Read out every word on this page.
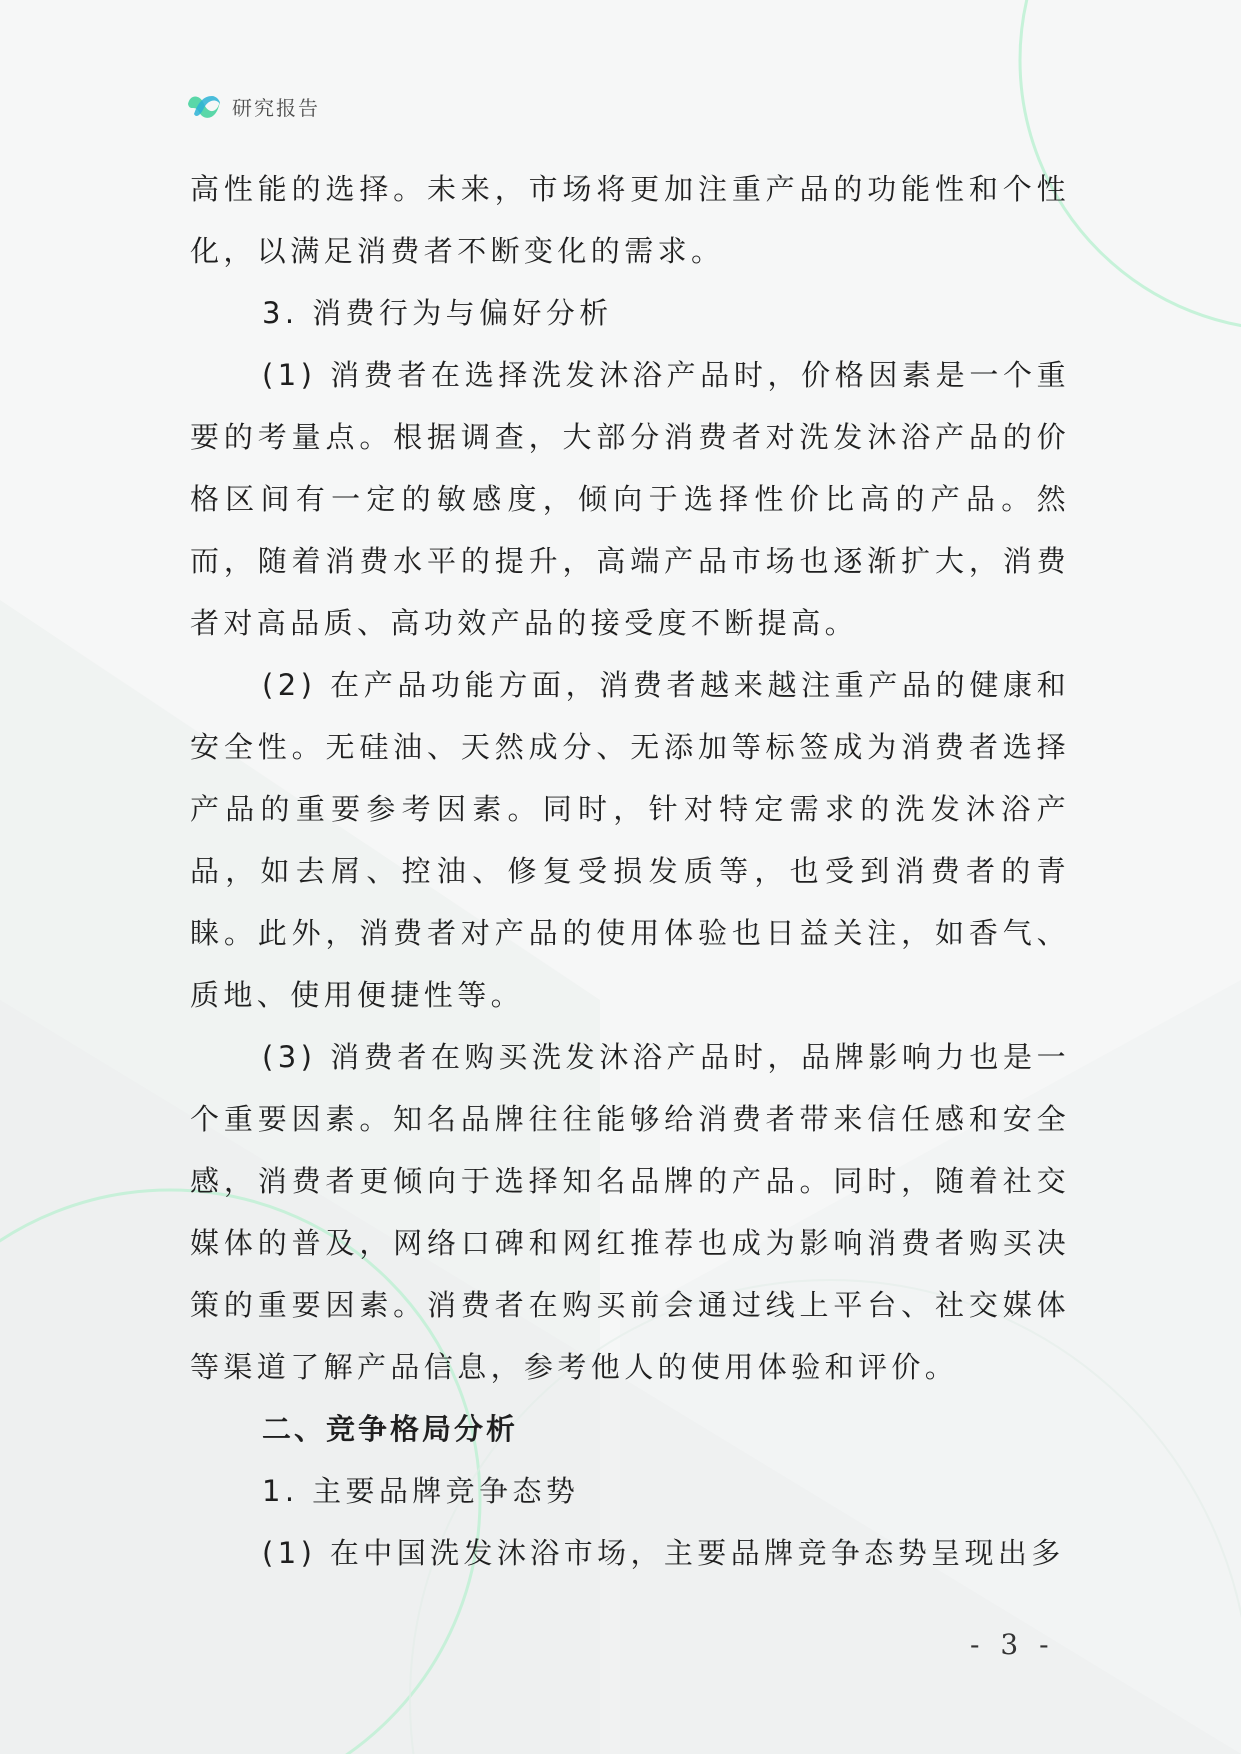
研究报告

高性能的选择。未来，市场将更加注重产品的功能性和个性化，以满足消费者不断变化的需求。

3. 消费行为与偏好分析

(1) 消费者在选择洗发沐浴产品时，价格因素是一个重要的考量点。根据调查，大部分消费者对洗发沐浴产品的价格区间有一定的敏感度，倾向于选择性价比高的产品。然而，随着消费水平的提升，高端产品市场也逐渐扩大，消费者对高品质、高功效产品的接受度不断提高。

(2) 在产品功能方面，消费者越来越注重产品的健康和安全性。无硅油、天然成分、无添加等标签成为消费者选择产品的重要参考因素。同时，针对特定需求的洗发沐浴产品，如去屑、控油、修复受损发质等，也受到消费者的青睐。此外，消费者对产品的使用体验也日益关注，如香气、质地、使用便捷性等。

(3) 消费者在购买洗发沐浴产品时，品牌影响力也是一个重要因素。知名品牌往往能够给消费者带来信任感和安全感，消费者更倾向于选择知名品牌的产品。同时，随着社交媒体的普及，网络口碑和网红推荐也成为影响消费者购买决策的重要因素。消费者在购买前会通过线上平台、社交媒体等渠道了解产品信息，参考他人的使用体验和评价。

二、竞争格局分析

1. 主要品牌竞争态势

(1) 在中国洗发沐浴市场，主要品牌竞争态势呈现出多

- 3 -
